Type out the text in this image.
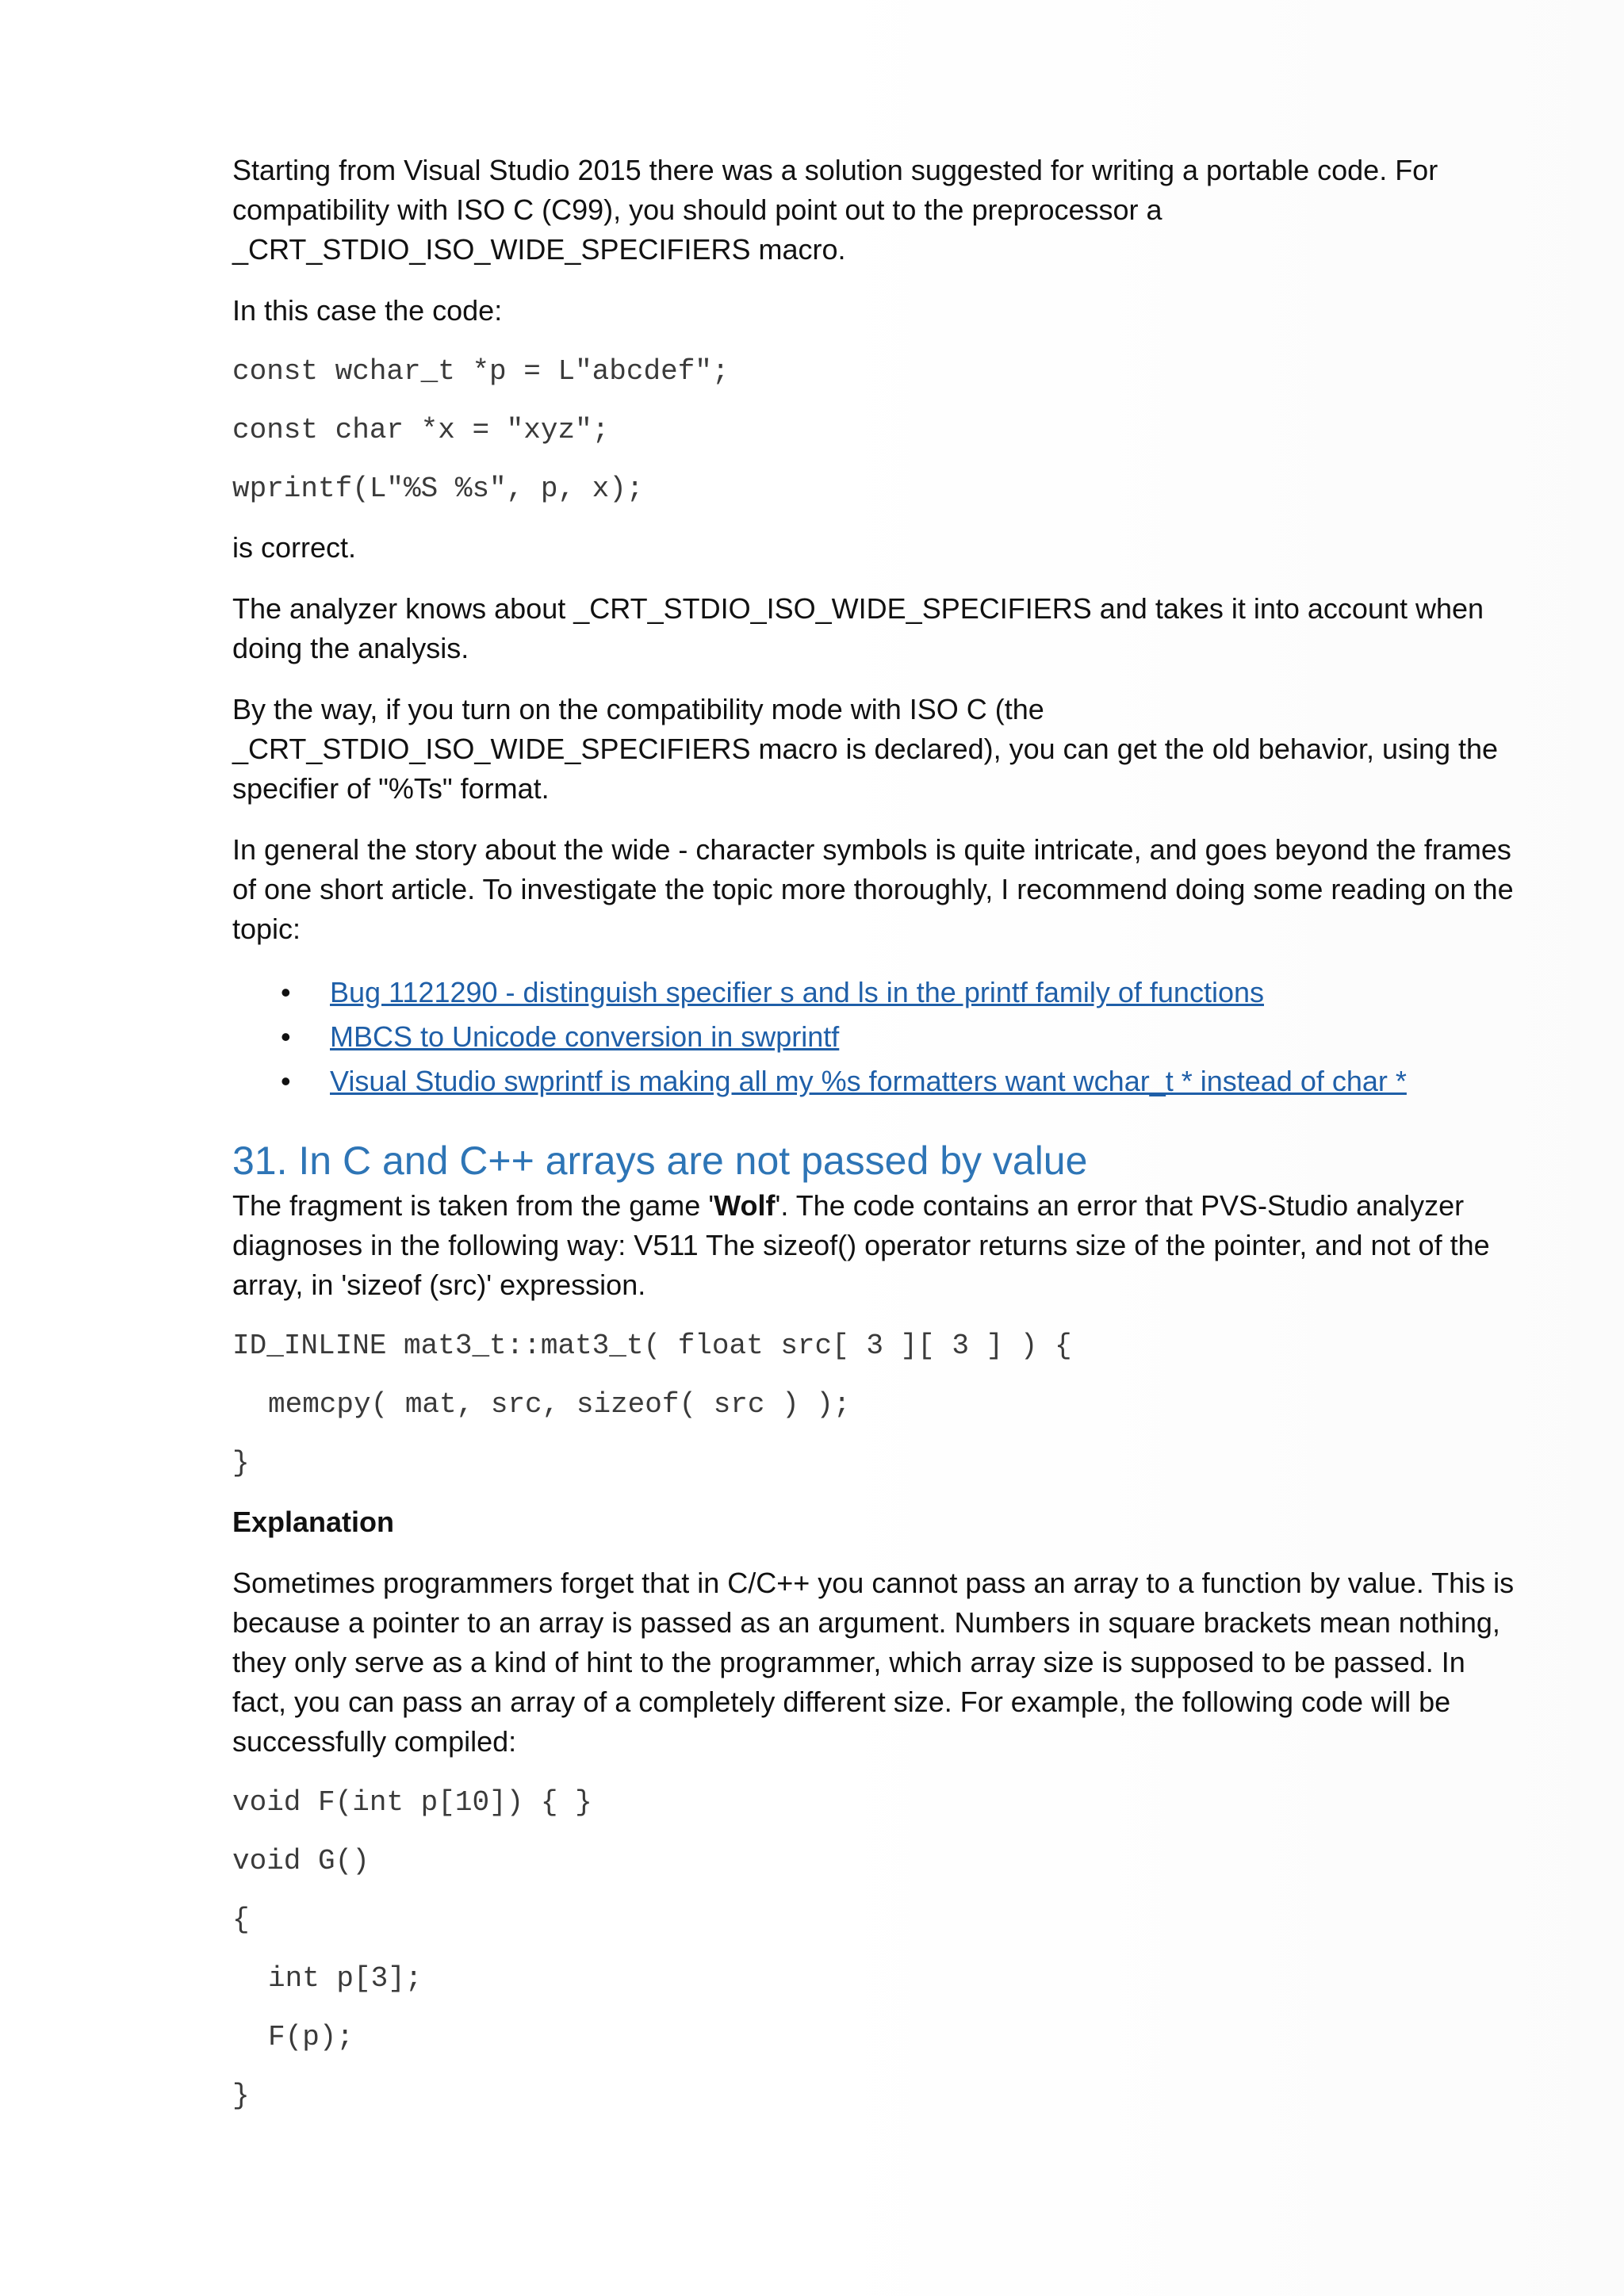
Starting from Visual Studio 2015 there was a solution suggested for writing a portable code. For compatibility with ISO C (C99), you should point out to the preprocessor a _CRT_STDIO_ISO_WIDE_SPECIFIERS macro.

In this case the code:

const wchar_t *p = L"abcdef";
const char *x = "xyz";
wprintf(L"%S %s", p, x);

is correct.

The analyzer knows about _CRT_STDIO_ISO_WIDE_SPECIFIERS and takes it into account when doing the analysis.

By the way, if you turn on the compatibility mode with ISO C (the _CRT_STDIO_ISO_WIDE_SPECIFIERS macro is declared), you can get the old behavior, using the specifier of "%Ts" format.

In general the story about the wide - character symbols is quite intricate, and goes beyond the frames of one short article. To investigate the topic more thoroughly, I recommend doing some reading on the topic:

• Bug 1121290 - distinguish specifier s and ls in the printf family of functions
• MBCS to Unicode conversion in swprintf
• Visual Studio swprintf is making all my %s formatters want wchar_t * instead of char *
31. In C and C++ arrays are not passed by value

The fragment is taken from the game 'Wolf'. The code contains an error that PVS-Studio analyzer diagnoses in the following way: V511 The sizeof() operator returns size of the pointer, and not of the array, in 'sizeof (src)' expression.

ID_INLINE mat3_t::mat3_t( float src[ 3 ][ 3 ] ) {
memcpy( mat, src, sizeof( src ) );
}

Explanation

Sometimes programmers forget that in C/C++ you cannot pass an array to a function by value. This is because a pointer to an array is passed as an argument. Numbers in square brackets mean nothing, they only serve as a kind of hint to the programmer, which array size is supposed to be passed. In fact, you can pass an array of a completely different size. For example, the following code will be successfully compiled:

void F(int p[10]) { }
void G()
{
int p[3];
F(p);
}
